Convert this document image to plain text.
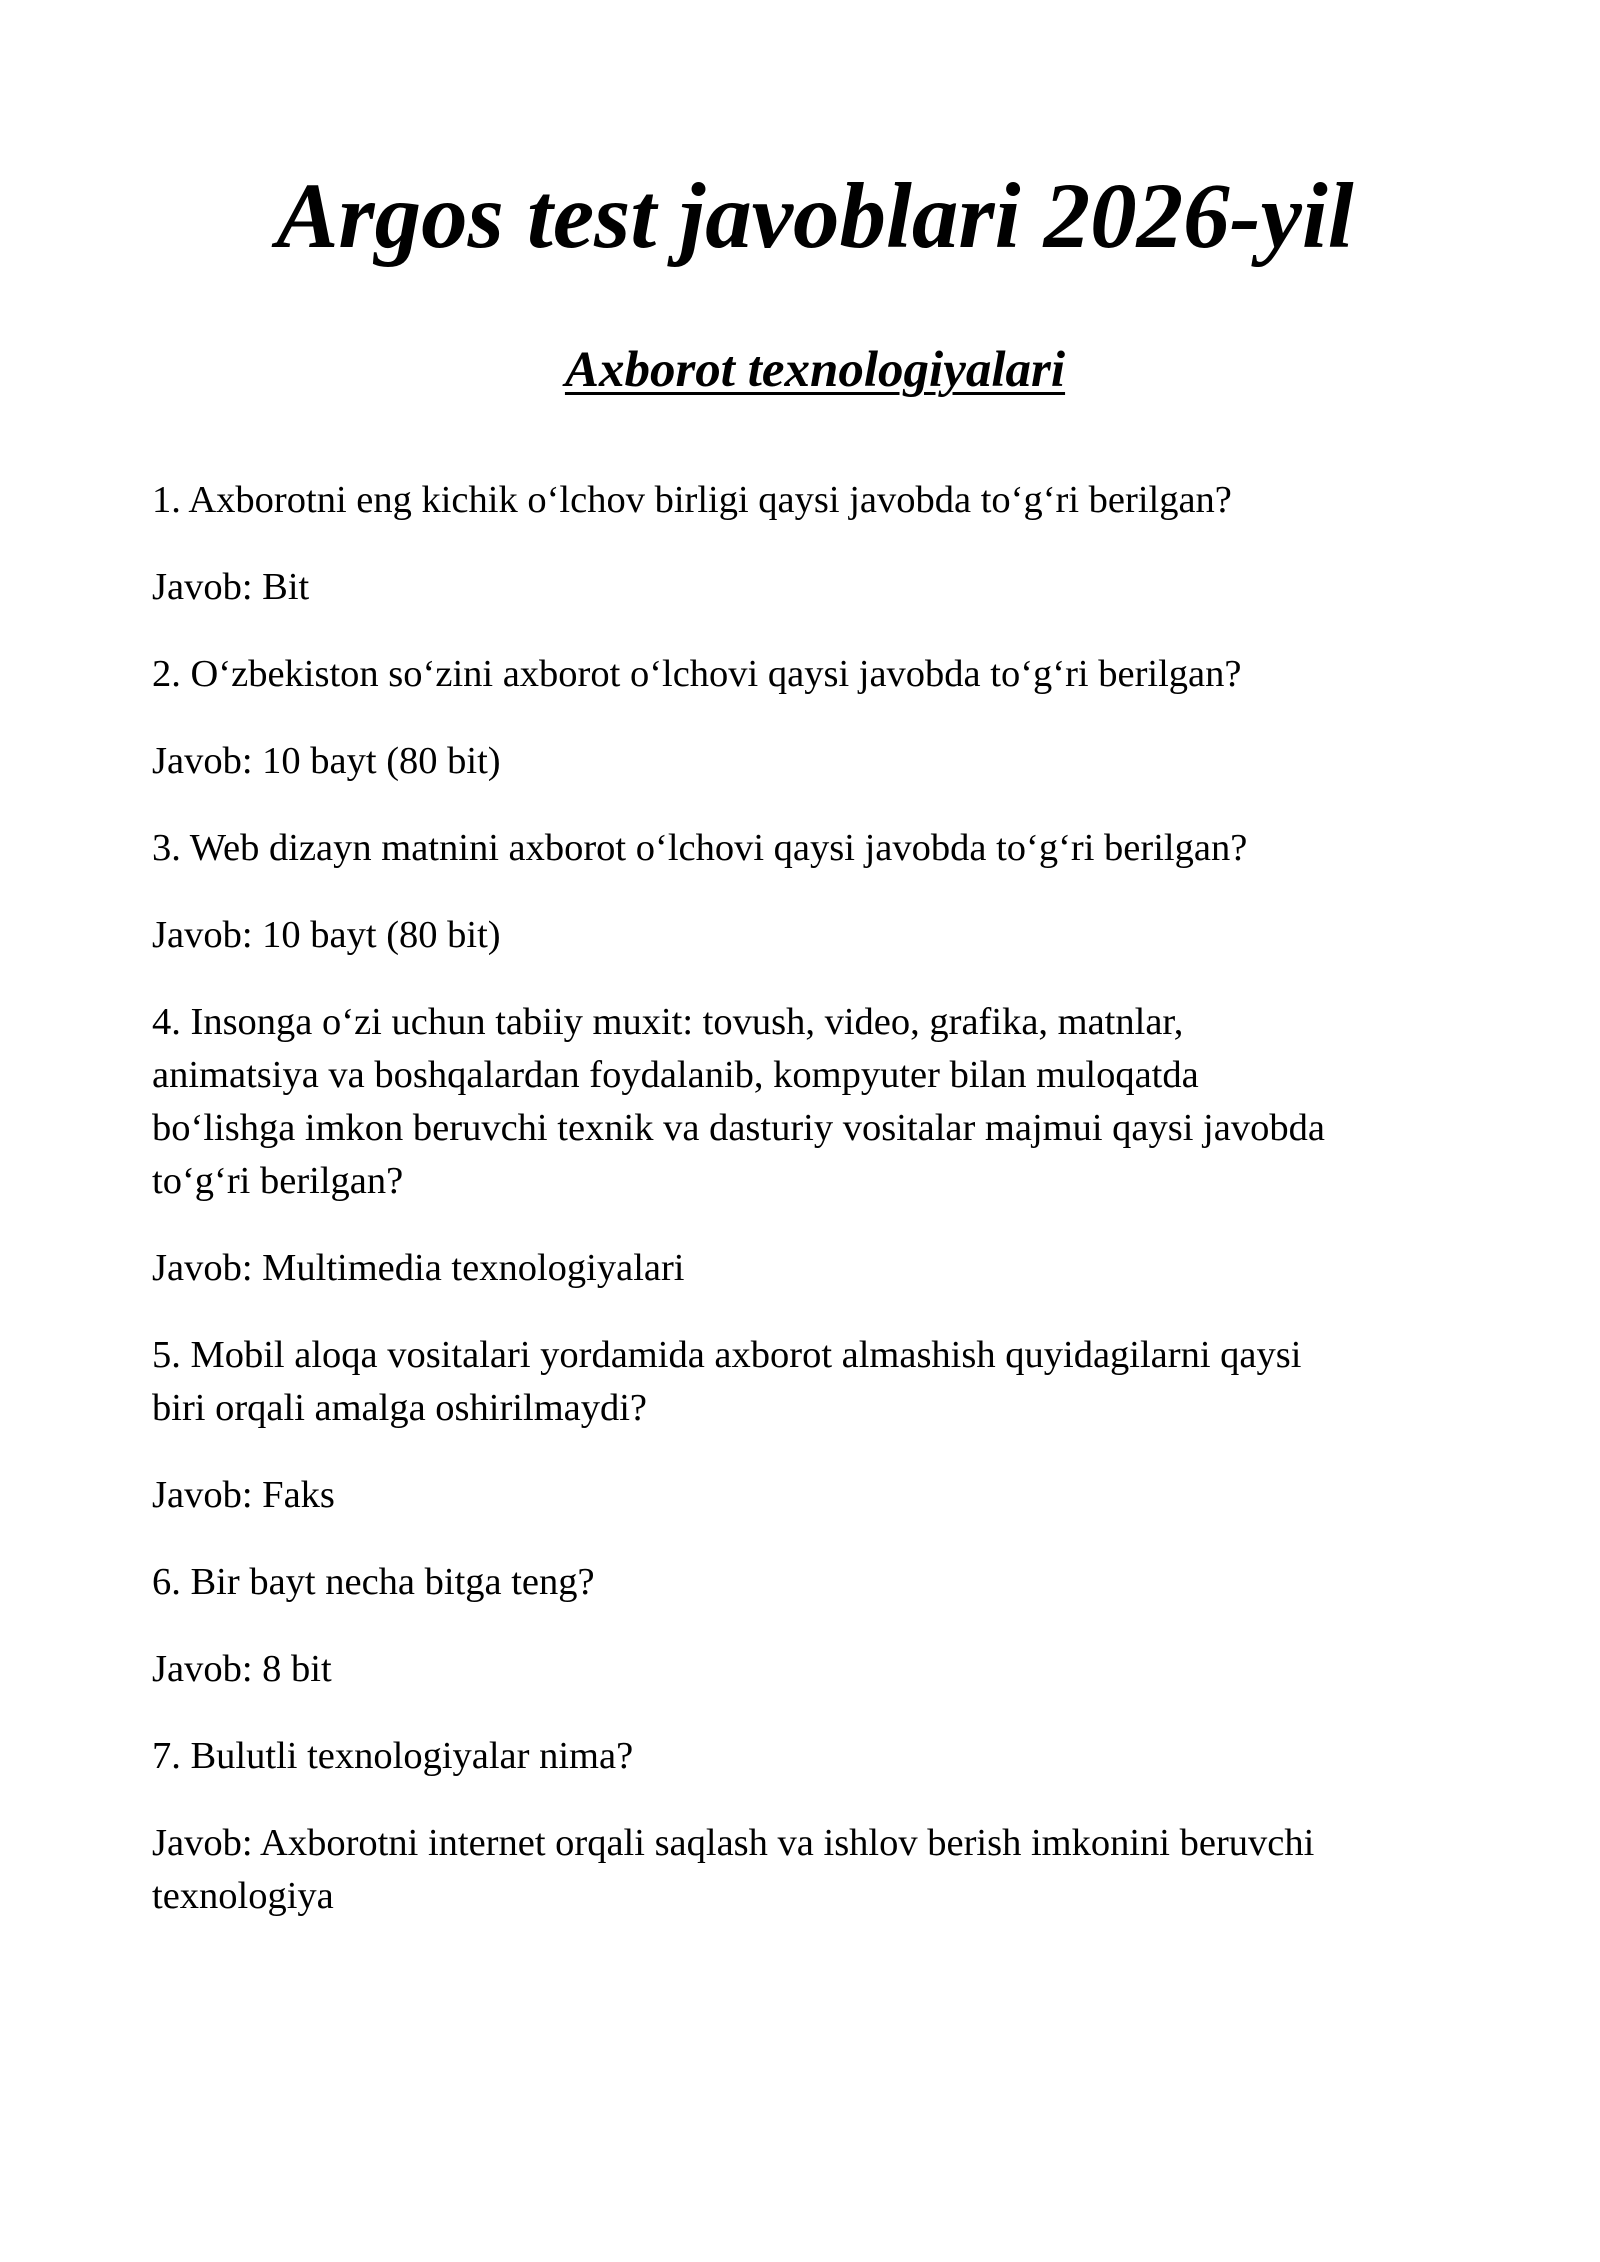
Argos test javoblari 2026-yil
Axborot texnologiyalari

1. Axborotni eng kichik o‘lchov birligi qaysi javobda to‘g‘ri berilgan?

Javob: Bit

2. O‘zbekiston so‘zini axborot o‘lchovi qaysi javobda to‘g‘ri berilgan?

Javob: 10 bayt (80 bit)

3. Web dizayn matnini axborot o‘lchovi qaysi javobda to‘g‘ri berilgan?

Javob: 10 bayt (80 bit)

4. Insonga o‘zi uchun tabiiy muxit: tovush, video, grafika, matnlar,
animatsiya va boshqalardan foydalanib, kompyuter bilan muloqatda
bo‘lishga imkon beruvchi texnik va dasturiy vositalar majmui qaysi javobda
to‘g‘ri berilgan?

Javob: Multimedia texnologiyalari

5. Mobil aloqa vositalari yordamida axborot almashish quyidagilarni qaysi
biri orqali amalga oshirilmaydi?

Javob: Faks

6. Bir bayt necha bitga teng?

Javob: 8 bit

7. Bulutli texnologiyalar nima?

Javob: Axborotni internet orqali saqlash va ishlov berish imkonini beruvchi
texnologiya
